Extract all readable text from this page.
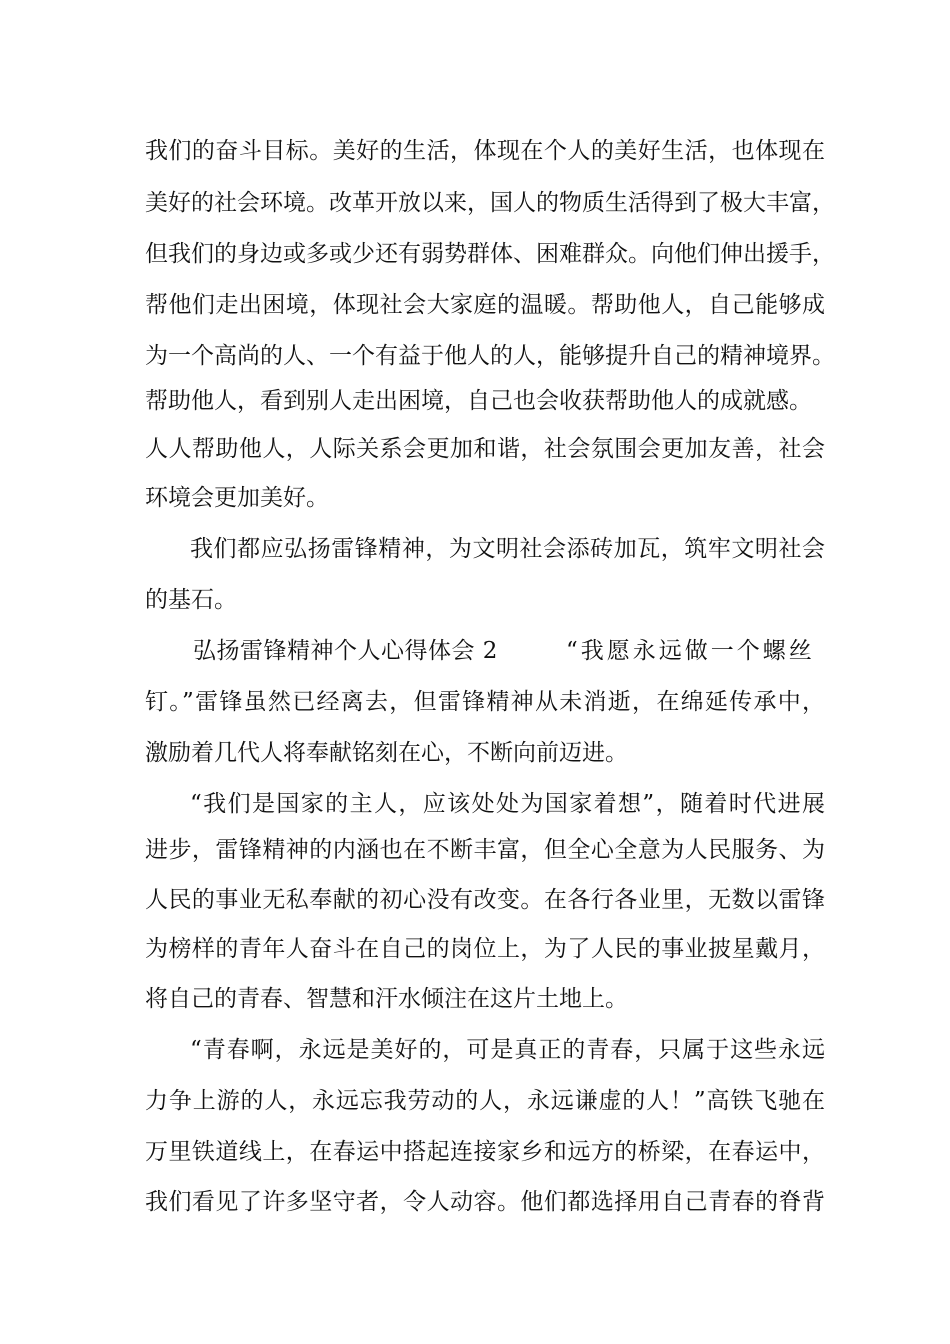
我们的奋斗目标。美好的生活，体现在个人的美好生活，也体现在
美好的社会环境。改革开放以来，国人的物质生活得到了极大丰富，
但我们的身边或多或少还有弱势群体、困难群众。向他们伸出援手，
帮他们走出困境，体现社会大家庭的温暖。帮助他人，自己能够成
为一个高尚的人、一个有益于他人的人，能够提升自己的精神境界。
帮助他人，看到别人走出困境，自己也会收获帮助他人的成就感。
人人帮助他人，人际关系会更加和谐，社会氛围会更加友善，社会
环境会更加美好。
我们都应弘扬雷锋精神，为文明社会添砖加瓦，筑牢文明社会
的基石。
弘扬雷锋精神个人心得体会 2	“我愿永远做一个螺丝
钉。”雷锋虽然已经离去，但雷锋精神从未消逝，在绵延传承中，
激励着几代人将奉献铭刻在心，不断向前迈进。
“我们是国家的主人，应该处处为国家着想”，随着时代进展
进步，雷锋精神的内涵也在不断丰富，但全心全意为人民服务、为
人民的事业无私奉献的初心没有改变。在各行各业里，无数以雷锋
为榜样的青年人奋斗在自己的岗位上，为了人民的事业披星戴月，
将自己的青春、智慧和汗水倾注在这片土地上。
“青春啊，永远是美好的，可是真正的青春，只属于这些永远
力争上游的人，永远忘我劳动的人，永远谦虚的人！”高铁飞驰在
万里铁道线上，在春运中搭起连接家乡和远方的桥梁，在春运中，
我们看见了许多坚守者，令人动容。他们都选择用自己青春的脊背
